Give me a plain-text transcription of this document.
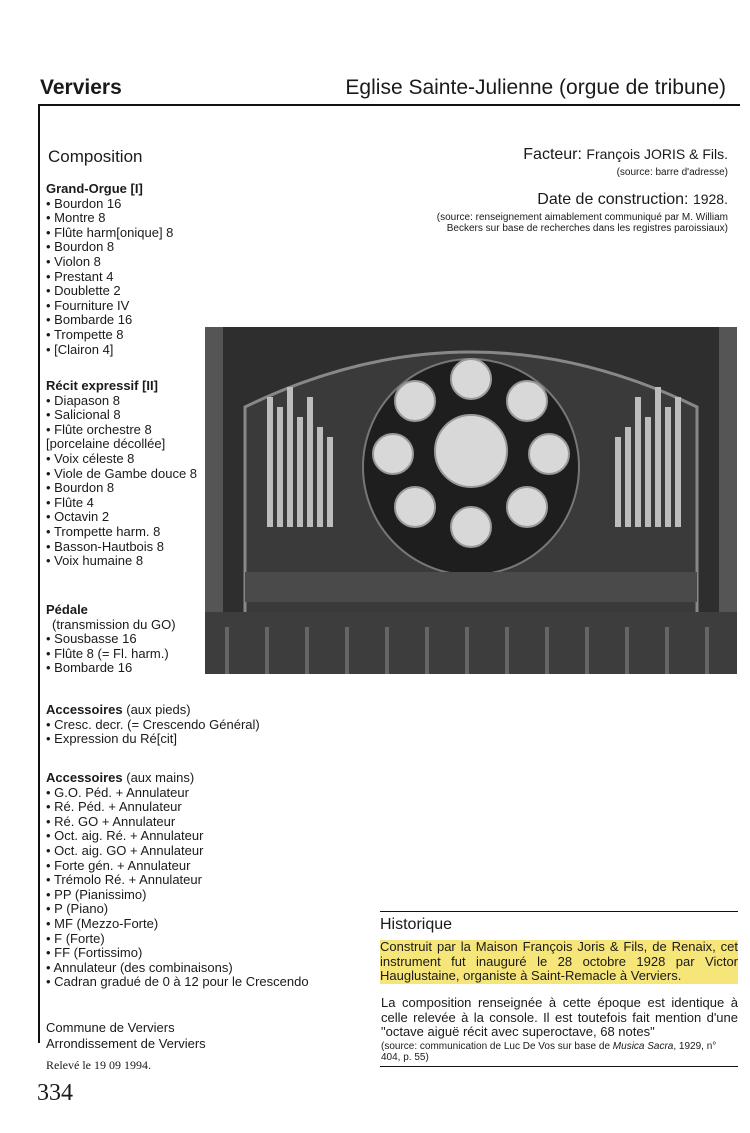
Verviers	Eglise Sainte-Julienne (orgue de tribune)
Composition
Grand-Orgue [I]
• Bourdon 16
• Montre 8
• Flûte harm[onique] 8
• Bourdon 8
• Violon 8
• Prestant 4
• Doublette 2
• Fourniture IV
• Bombarde 16
• Trompette 8
• [Clairon 4]
Récit expressif [II]
• Diapason 8
• Salicional 8
• Flûte orchestre 8 [porcelaine décollée]
• Voix céleste 8
• Viole de Gambe douce 8
• Bourdon 8
• Flûte 4
• Octavin 2
• Trompette harm. 8
• Basson-Hautbois 8
• Voix humaine 8
Pédale
(transmission du GO)
• Sousbasse 16
• Flûte 8 (= Fl. harm.)
• Bombarde 16
Accessoires (aux pieds)
• Cresc. decr. (= Crescendo Général)
• Expression du Ré[cit]
Accessoires (aux mains)
• G.O. Péd. + Annulateur
• Ré. Péd. + Annulateur
• Ré. GO + Annulateur
• Oct. aig. Ré. + Annulateur
• Oct. aig. GO + Annulateur
• Forte gén. + Annulateur
• Trémolo Ré. + Annulateur
• PP (Pianissimo)
• P (Piano)
• MF (Mezzo-Forte)
• F (Forte)
• FF (Fortissimo)
• Annulateur (des combinaisons)
• Cadran gradué de 0 à 12 pour le Crescendo
Facteur: François JORIS & Fils.
(source: barre d'adresse)
Date de construction: 1928.
(source: renseignement aimablement communiqué par M. William
Beckers sur base de recherches dans les registres paroissiaux)
Historique
Construit par la Maison François Joris & Fils, de Renaix, cet instrument fut inauguré le 28 octobre 1928 par Victor Hauglustaine, organiste à Saint-Remacle à Verviers.
La composition renseignée à cette époque est identique à celle relevée à la console. Il est toutefois fait mention d'une "octave aiguë récit avec superoctave, 68 notes"
(source: communication de Luc De Vos sur base de Musica Sacra, 1929, n° 404, p. 55)
Commune de Verviers
Arrondissement de Verviers
Relevé le 19 09 1994.
334
